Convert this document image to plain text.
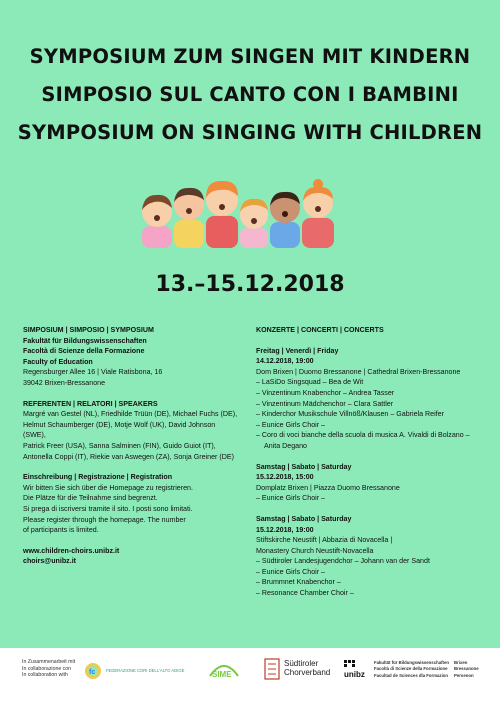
SYMPOSIUM ZUM SINGEN MIT KINDERN
SIMPOSIO SUL CANTO CON I BAMBINI
SYMPOSIUM ON SINGING WITH CHILDREN
13.–15.12.2018
SIMPOSIUM | SIMPOSIO | SYMPOSIUM
Fakultät für Bildungswissenschaften
Facoltà di Scienze della Formazione
Faculty of Education
Regensburger Allee 16 | Viale Ratisbona, 16
39042 Brixen-Bressanone
REFERENTEN | RELATORI | SPEAKERS
Margré van Gestel (NL), Friedhilde Trüün (DE), Michael Fuchs (DE),
Helmut Schaumberger (DE), Motje Wolf (UK), David Johnson (SWE),
Patrick Freer (USA), Sanna Salminen (FIN), Guido Guiot (IT),
Antonella Coppi (IT), Riekie van Aswegen (ZA), Sonja Greiner (DE)
Einschreibung | Registrazione | Registration
Wir bitten Sie sich über die Homepage zu registrieren.
Die Plätze für die Teilnahme sind begrenzt.
Si prega di iscriversi tramite il sito. I posti sono limitati.
Please register through the homepage. The number
of participants is limited.
www.children-choirs.unibz.it
choirs@unibz.it
KONZERTE | CONCERTI | CONCERTS
Freitag | Venerdì | Friday
14.12.2018, 19:00
Dom Brixen | Duomo Bressanone | Cathedral Brixen-Bressanone
– LaSiDo Singsquad – Bea de Wit
– Vinzentinum Knabenchor – Andrea Tasser
– Vinzentinum Mädchenchor – Clara Sattler
– Kinderchor Musikschule Villnöß/Klausen – Gabriela Reifer
– Eunice Girls Choir –
– Coro di voci bianche della scuola di musica A. Vivaldi di Bolzano –
Anita Degano
Samstag | Sabato | Saturday
15.12.2018, 15:00
Domplatz Brixen | Piazza Duomo Bressanone
– Eunice Girls Choir –
Samstag | Sabato | Saturday
15.12.2018, 19:00
Stiftskirche Neustift | Abbazia di Novacella |
Monastery Church Neustift-Novacella
– Südtiroler Landesjugendchor – Johann van der Sandt
– Eunice Girls Choir –
– Brummnet Knabenchor –
– Resonance Chamber Choir –
In Zusammenarbeit mit
In collaborazione con
In collaboration with	fc	FEDERAZIONE CORI DELL'ALTO ADIGE	SIME
Südtiroler
Chorverband unibz
Fakultät für Bildungswissenschaften
Facoltà di Scienze della Formazione
Facultad de Sciences dla Formazion
Brixen
Bressanone
Persenon
